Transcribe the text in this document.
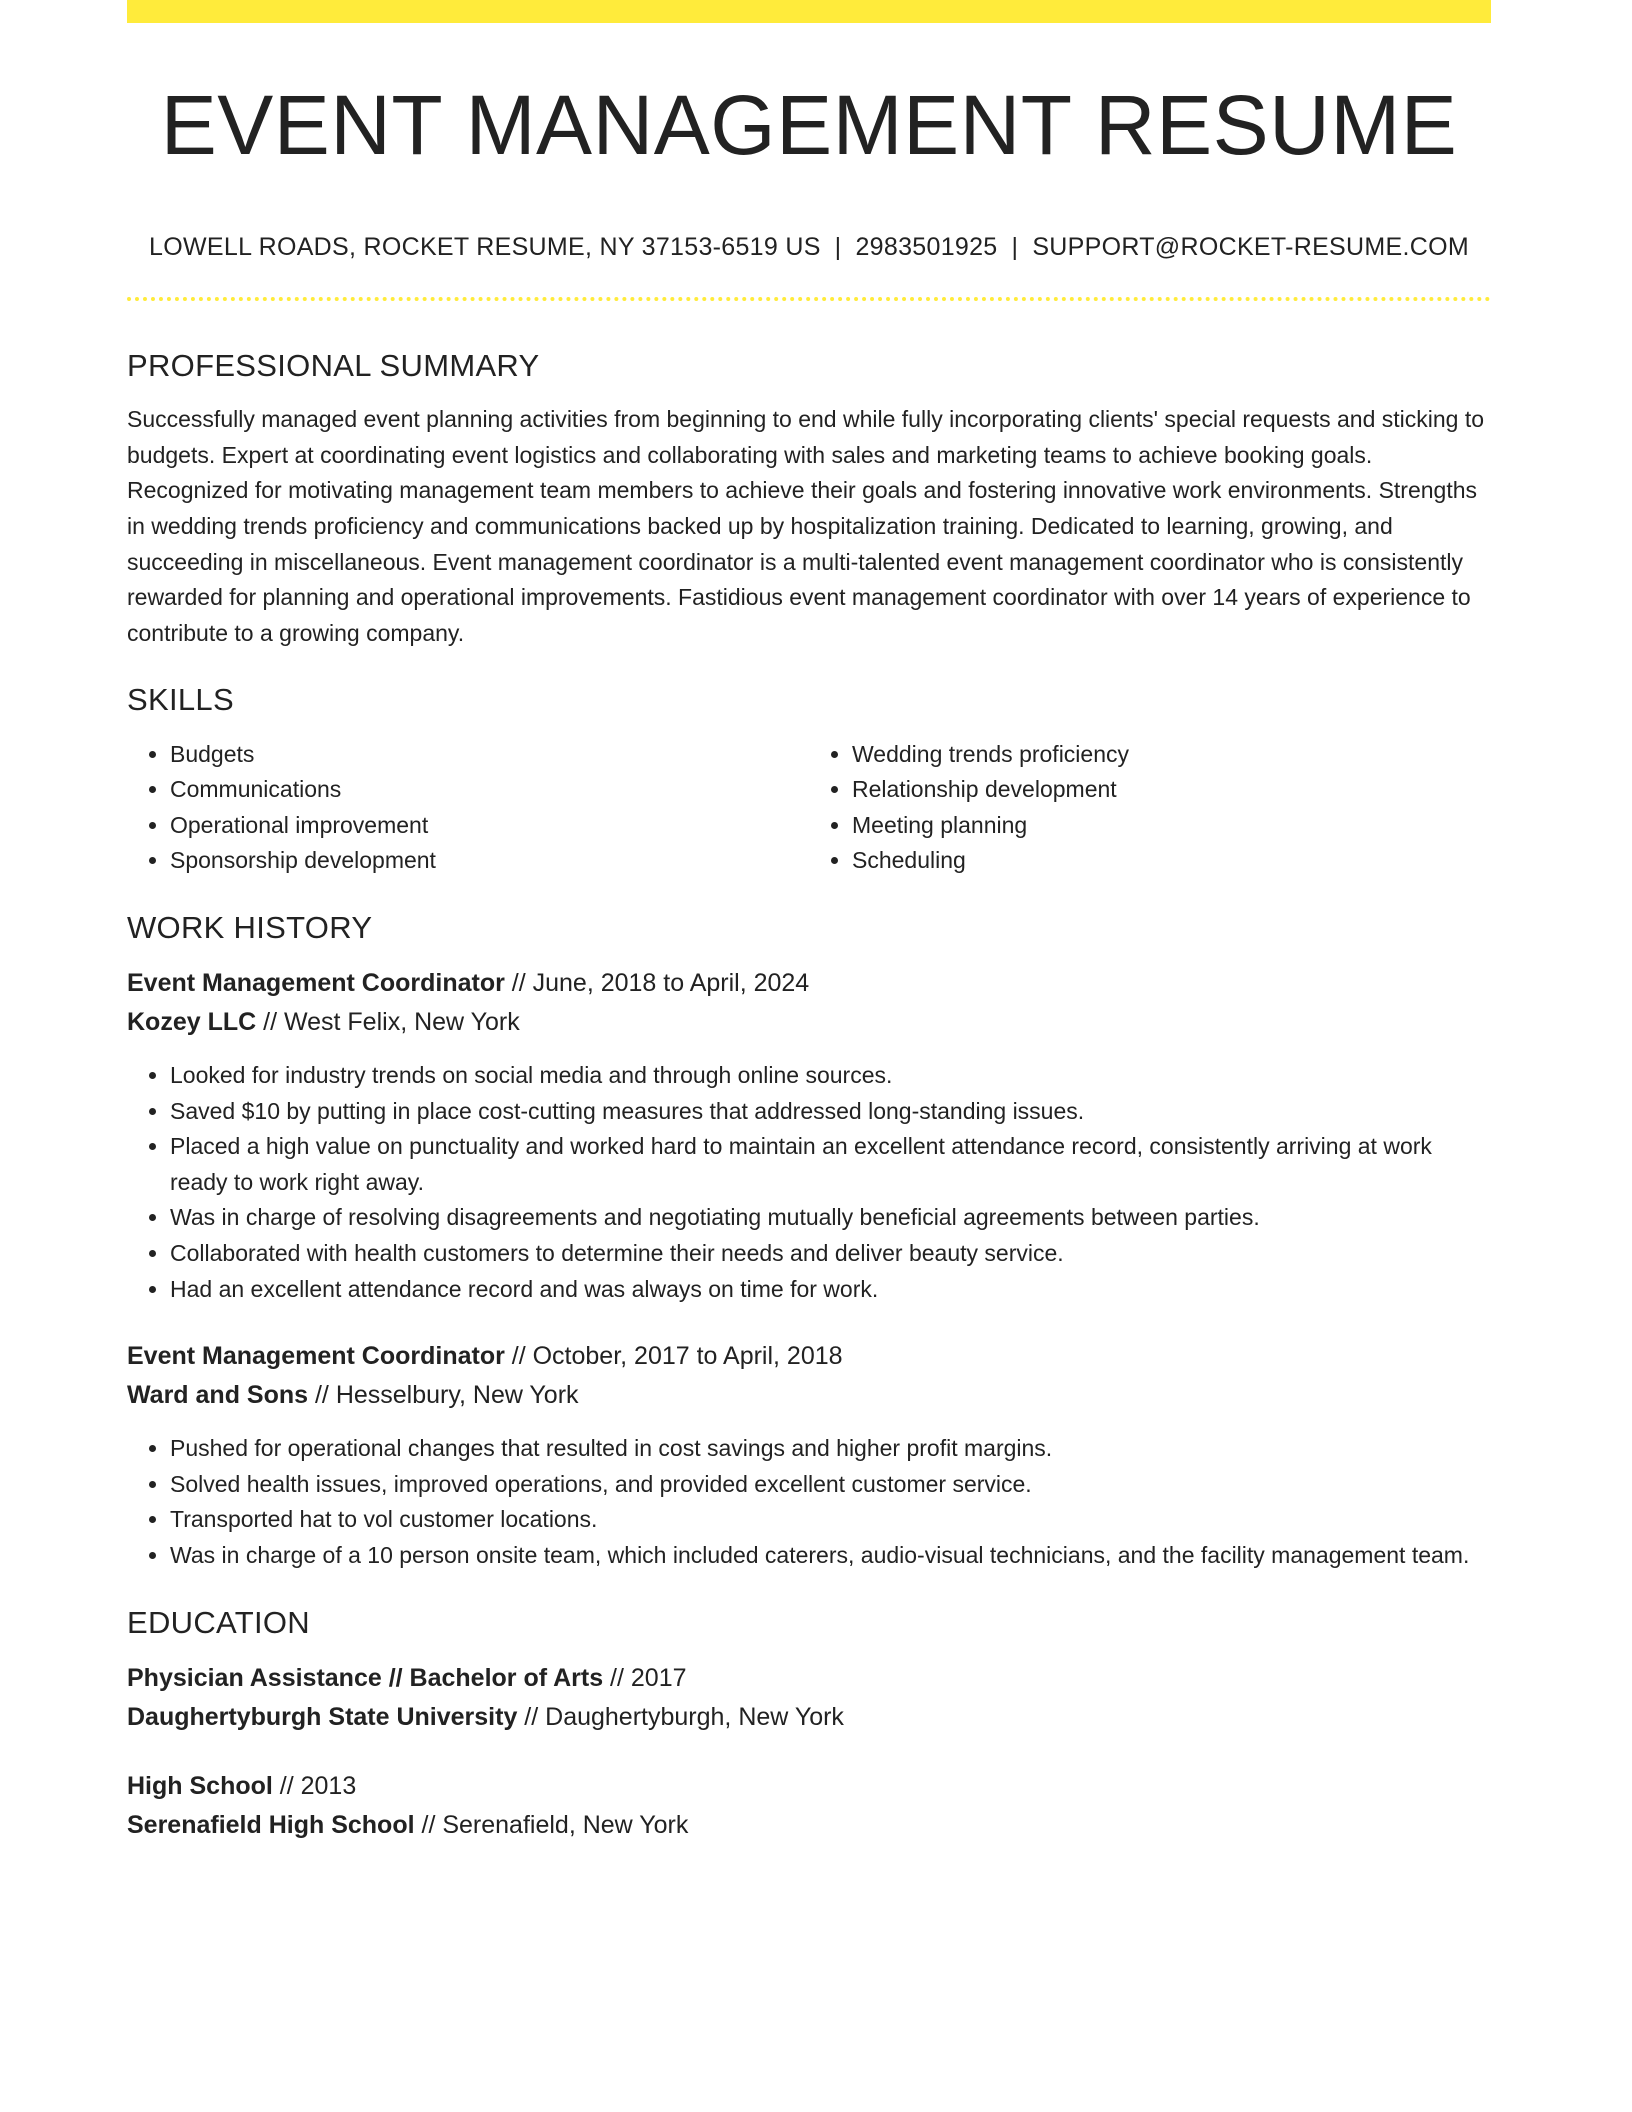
EVENT MANAGEMENT RESUME
LOWELL ROADS, ROCKET RESUME, NY 37153-6519 US | 2983501925 | SUPPORT@ROCKET-RESUME.COM
PROFESSIONAL SUMMARY

Successfully managed event planning activities from beginning to end while fully incorporating clients' special requests and sticking to budgets. Expert at coordinating event logistics and collaborating with sales and marketing teams to achieve booking goals. Recognized for motivating management team members to achieve their goals and fostering innovative work environments. Strengths in wedding trends proficiency and communications backed up by hospitalization training. Dedicated to learning, growing, and succeeding in miscellaneous. Event management coordinator is a multi-talented event management coordinator who is consistently rewarded for planning and operational improvements. Fastidious event management coordinator with over 14 years of experience to contribute to a growing company.

SKILLS
• Budgets
• Communications
• Operational improvement
• Sponsorship development
• Wedding trends proficiency
• Relationship development
• Meeting planning
• Scheduling
WORK HISTORY
Event Management Coordinator // June, 2018 to April, 2024
Kozey LLC // West Felix, New York
• Looked for industry trends on social media and through online sources.
• Saved $10 by putting in place cost-cutting measures that addressed long-standing issues.
• Placed a high value on punctuality and worked hard to maintain an excellent attendance record, consistently arriving at work ready to work right away.
• Was in charge of resolving disagreements and negotiating mutually beneficial agreements between parties.
• Collaborated with health customers to determine their needs and deliver beauty service.
• Had an excellent attendance record and was always on time for work.
Event Management Coordinator // October, 2017 to April, 2018
Ward and Sons // Hesselbury, New York
• Pushed for operational changes that resulted in cost savings and higher profit margins.
• Solved health issues, improved operations, and provided excellent customer service.
• Transported hat to vol customer locations.
• Was in charge of a 10 person onsite team, which included caterers, audio-visual technicians, and the facility management team.
EDUCATION
Physician Assistance // Bachelor of Arts // 2017
Daughertyburgh State University // Daughertyburgh, New York
High School // 2013
Serenafield High School // Serenafield, New York
